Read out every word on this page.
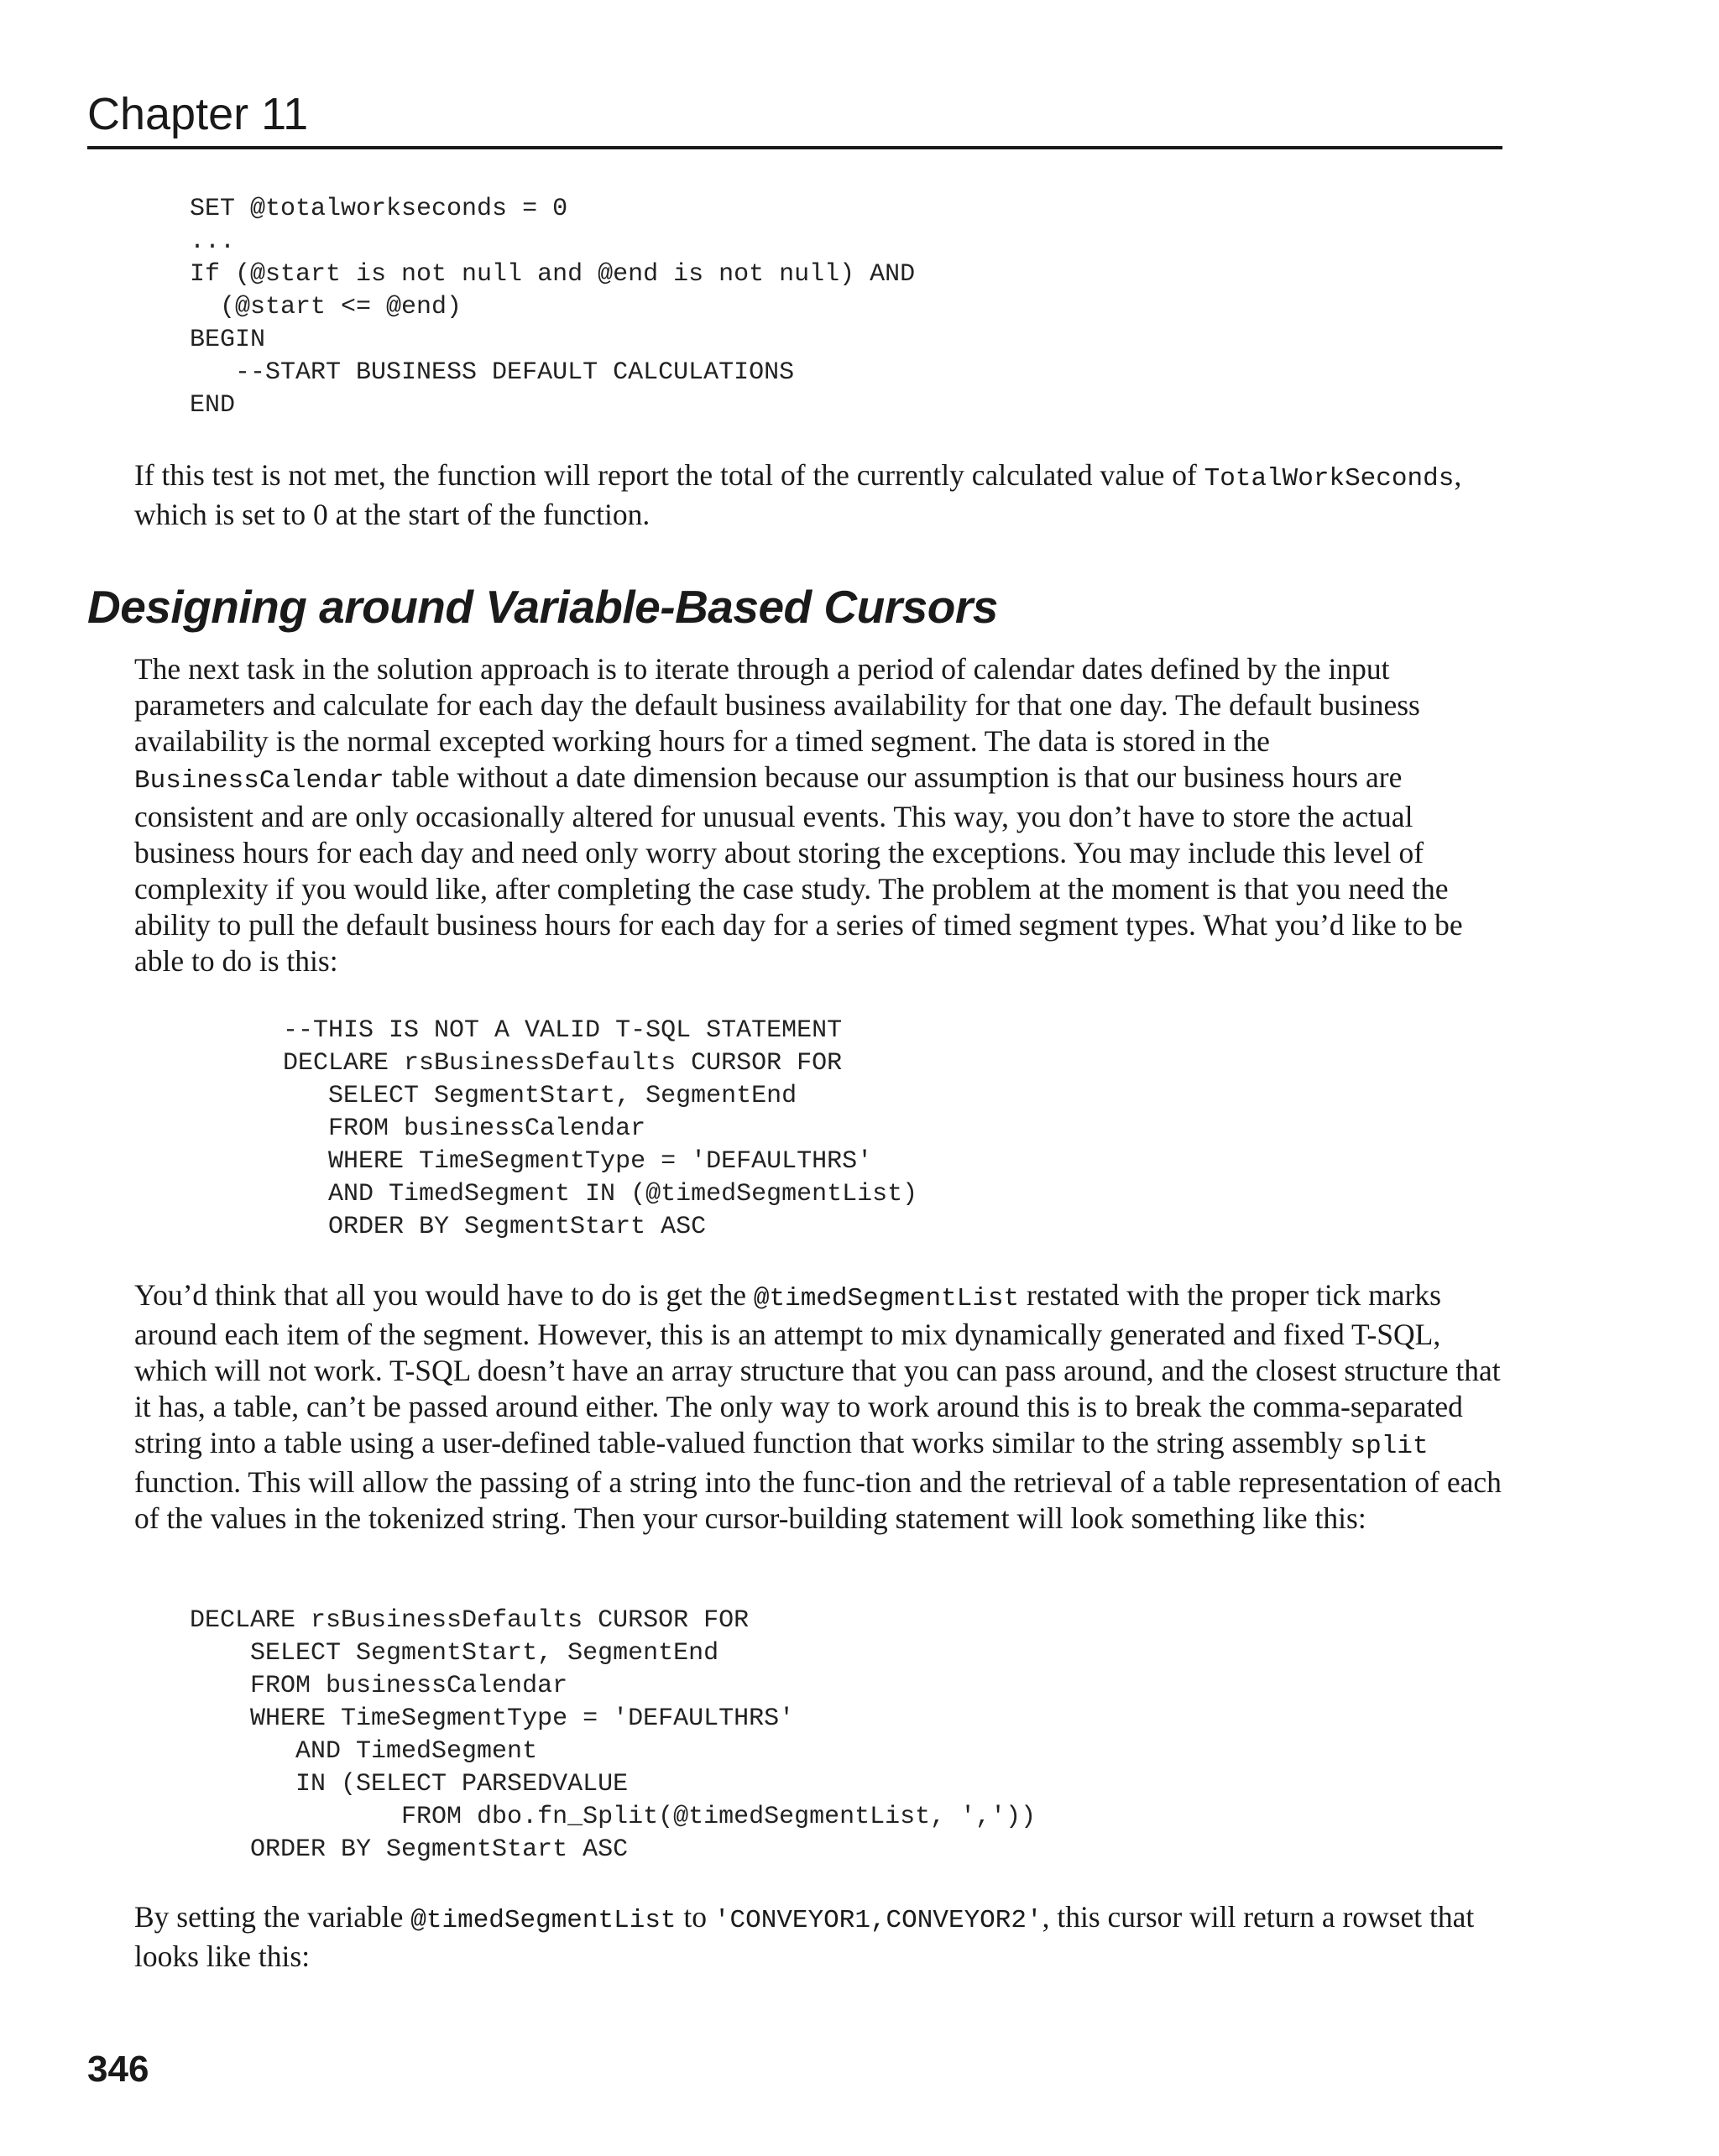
Chapter 11
SET @totalworkseconds = 0
...
If (@start is not null and @end is not null) AND
(@start <= @end)
BEGIN
--START BUSINESS DEFAULT CALCULATIONS
END

If this test is not met, the function will report the total of the currently calculated value of TotalWorkSeconds, which is set to 0 at the start of the function.

Designing around Variable-Based Cursors

The next task in the solution approach is to iterate through a period of calendar dates defined by the input parameters and calculate for each day the default business availability for that one day. The default business availability is the normal excepted working hours for a timed segment. The data is stored in the BusinessCalendar table without a date dimension because our assumption is that our business hours are consistent and are only occasionally altered for unusual events. This way, you don’t have to store the actual business hours for each day and need only worry about storing the exceptions. You may include this level of complexity if you would like, after completing the case study. The problem at the moment is that you need the ability to pull the default business hours for each day for a series of timed segment types. What you’d like to be able to do is this:

--THIS IS NOT A VALID T-SQL STATEMENT
DECLARE rsBusinessDefaults CURSOR FOR
SELECT SegmentStart, SegmentEnd
FROM businessCalendar
WHERE TimeSegmentType = 'DEFAULTHRS'
AND TimedSegment IN (@timedSegmentList)
ORDER BY SegmentStart ASC

You’d think that all you would have to do is get the @timedSegmentList restated with the proper tick marks around each item of the segment. However, this is an attempt to mix dynamically generated and fixed T-SQL, which will not work. T-SQL doesn’t have an array structure that you can pass around, and the closest structure that it has, a table, can’t be passed around either. The only way to work around this is to break the comma-separated string into a table using a user-defined table-valued function that works similar to the string assembly split function. This will allow the passing of a string into the func-tion and the retrieval of a table representation of each of the values in the tokenized string. Then your cursor-building statement will look something like this:

DECLARE rsBusinessDefaults CURSOR FOR
SELECT SegmentStart, SegmentEnd
FROM businessCalendar
WHERE TimeSegmentType = 'DEFAULTHRS'
AND TimedSegment
IN (SELECT PARSEDVALUE
FROM dbo.fn_Split(@timedSegmentList, ','))
ORDER BY SegmentStart ASC

By setting the variable @timedSegmentList to 'CONVEYOR1,CONVEYOR2', this cursor will return a rowset that looks like this:

346
